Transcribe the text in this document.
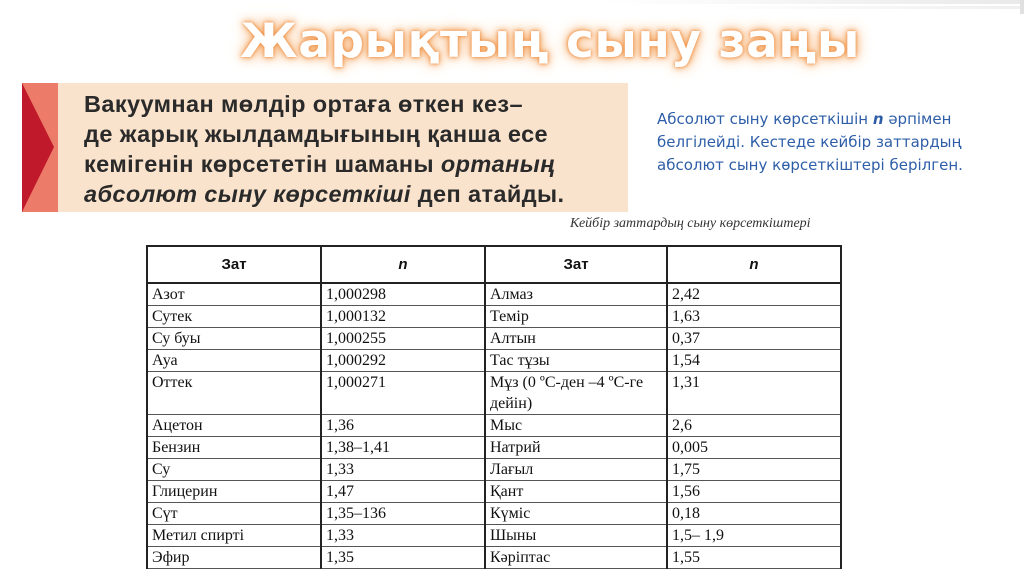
Жарықтың сыну заңы
Вакуумнан мөлдір ортаға өткен кез–
де жарық жылдамдығының қанша есе
кемігенін көрсететін шаманы ортаның
абсолют сыну көрсеткіші деп атайды.
Абсолют сыну көрсеткішін n әрпімен белгілейді. Кестеде кейбір заттардың абсолют сыну көрсеткіштері берілген.
Кейбір заттардың сыну көрсеткіштері
Зат	n	Зат	n
Азот	1,000298	Алмаз	2,42
Сутек	1,000132	Темір	1,63
Су буы	1,000255	Алтын	0,37
Ауа	1,000292	Тас тұзы	1,54
Оттек	1,000271	Мұз (0 ºС-ден –4 ºС-ге дейін)	1,31
Ацетон	1,36	Мыс	2,6
Бензин	1,38–1,41	Натрий	0,005
Су	1,33	Лағыл	1,75
Глицерин	1,47	Қант	1,56
Сүт	1,35–136	Күміс	0,18
Метил спирті	1,33	Шыны	1,5– 1,9
Эфир	1,35	Кәріптас	1,55
